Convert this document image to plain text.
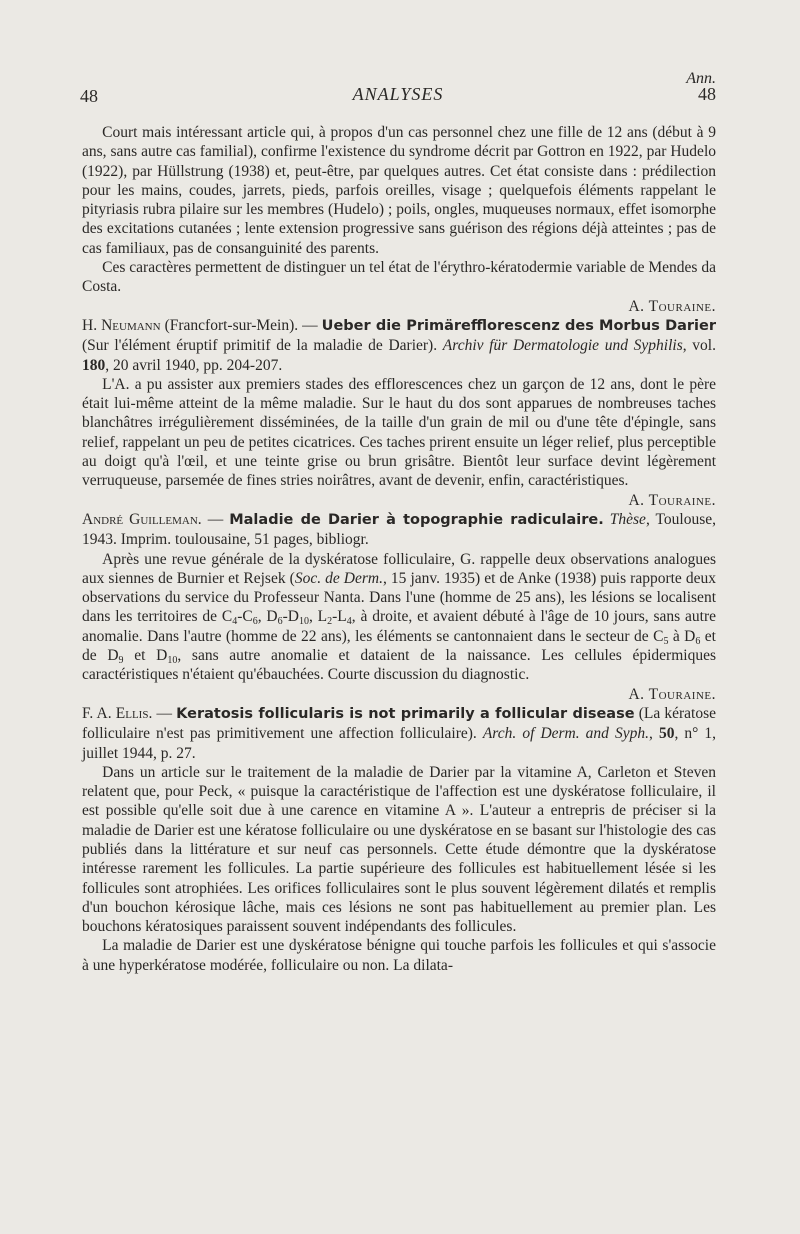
Ann.
48	ANALYSES	48

Court mais intéressant article qui, à propos d'un cas personnel chez une fille de 12 ans (début à 9 ans, sans autre cas familial), confirme l'existence du syndrome décrit par Gottron en 1922, par Hudelo (1922), par Hüllstrung (1938) et, peut-être, par quelques autres. Cet état consiste dans : prédilection pour les mains, coudes, jarrets, pieds, parfois oreilles, visage ; quelquefois éléments rappelant le pityriasis rubra pilaire sur les membres (Hudelo) ; poils, ongles, muqueuses normaux, effet isomorphe des excitations cutanées ; lente extension progressive sans guérison des régions déjà atteintes ; pas de cas familiaux, pas de consanguinité des parents.

Ces caractères permettent de distinguer un tel état de l'érythro-kératodermie variable de Mendes da Costa.

A. Touraine.

H. Neumann (Francfort-sur-Mein). — Ueber die Primärefflorescenz des Morbus Darier (Sur l'élément éruptif primitif de la maladie de Darier). Archiv für Dermatologie und Syphilis, vol. 180, 20 avril 1940, pp. 204-207.

L'A. a pu assister aux premiers stades des efflorescences chez un garçon de 12 ans, dont le père était lui-même atteint de la même maladie. Sur le haut du dos sont apparues de nombreuses taches blanchâtres irrégulièrement disséminées, de la taille d'un grain de mil ou d'une tête d'épingle, sans relief, rappelant un peu de petites cicatrices. Ces taches prirent ensuite un léger relief, plus perceptible au doigt qu'à l'œil, et une teinte grise ou brun grisâtre. Bientôt leur surface devint légèrement verruqueuse, parsemée de fines stries noirâtres, avant de devenir, enfin, caractéristiques.

A. Touraine.

André Guilleman. — Maladie de Darier à topographie radiculaire. Thèse, Toulouse, 1943. Imprim. toulousaine, 51 pages, bibliogr.

Après une revue générale de la dyskératose folliculaire, G. rappelle deux observations analogues aux siennes de Burnier et Rejsek (Soc. de Derm., 15 janv. 1935) et de Anke (1938) puis rapporte deux observations du service du Professeur Nanta. Dans l'une (homme de 25 ans), les lésions se localisent dans les territoires de $C_4-C_6$, $D_6-D_{10}$, $L_2-L_4$, à droite, et avaient débuté à l'âge de 10 jours, sans autre anomalie. Dans l'autre (homme de 22 ans), les éléments se cantonnaient dans le secteur de $C_5$ à $D_6$ et de $D_9$ et $D_{10}$, sans autre anomalie et dataient de la naissance. Les cellules épidermiques caractéristiques n'étaient qu'ébauchées. Courte discussion du diagnostic.

A. Touraine.

F. A. Ellis. — Keratosis follicularis is not primarily a follicular disease (La kératose folliculaire n'est pas primitivement une affection folliculaire). Arch. of Derm. and Syph., 50, n° 1, juillet 1944, p. 27.

Dans un article sur le traitement de la maladie de Darier par la vitamine A, Carleton et Steven relatent que, pour Peck, « puisque la caractéristique de l'affection est une dyskératose folliculaire, il est possible qu'elle soit due à une carence en vitamine A ». L'auteur a entrepris de préciser si la maladie de Darier est une kératose folliculaire ou une dyskératose en se basant sur l'histologie des cas publiés dans la littérature et sur neuf cas personnels. Cette étude démontre que la dyskératose intéresse rarement les follicules. La partie supérieure des follicules est habituellement lésée si les follicules sont atrophiées. Les orifices folliculaires sont le plus souvent légèrement dilatés et remplis d'un bouchon kérosique lâche, mais ces lésions ne sont pas habituellement au premier plan. Les bouchons kératosiques paraissent souvent indépendants des follicules.

La maladie de Darier est une dyskératose bénigne qui touche parfois les follicules et qui s'associe à une hyperkératose modérée, folliculaire ou non. La dilata-
